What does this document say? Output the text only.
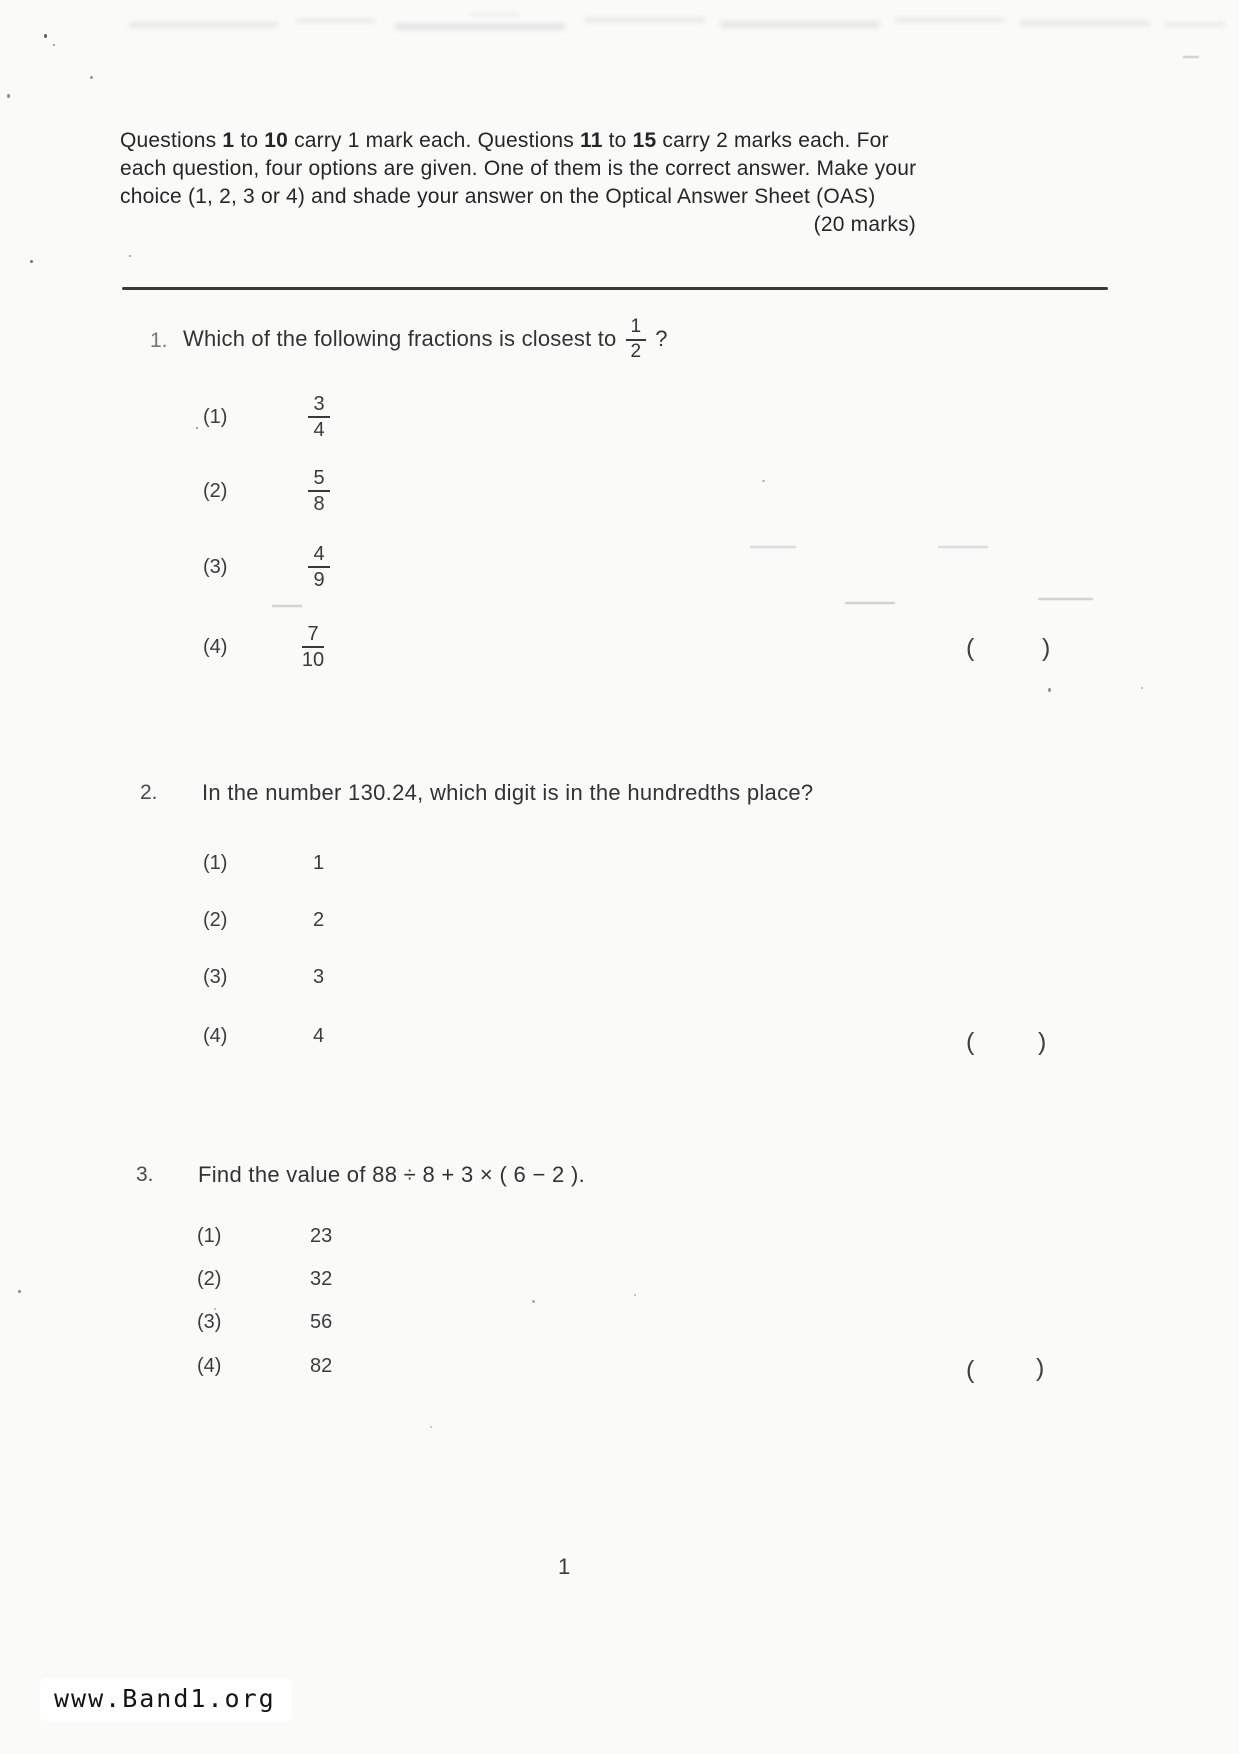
Questions 1 to 10 carry 1 mark each. Questions 11 to 15 carry 2 marks each. For
each question, four options are given. One of them is the correct answer. Make your
choice (1, 2, 3 or 4) and shade your answer on the Optical Answer Sheet (OAS)
(20 marks)
1. Which of the following fractions is closest to $\frac{1}{2}$ ?
(1)	$\frac{3}{4}$
(2)	$\frac{5}{8}$
(3)	$\frac{4}{9}$
(4)	$\frac{7}{10}$	(	)
2. In the number 130.24, which digit is in the hundredths place?
(1)	1
(2)	2
(3)	3
(4)	4	(	)
3. Find the value of 88 ÷ 8 + 3 × ( 6 − 2 ).
(1)	23
(2)	32
(3)	56
(4)	82	( )
1
www.Band1.org
